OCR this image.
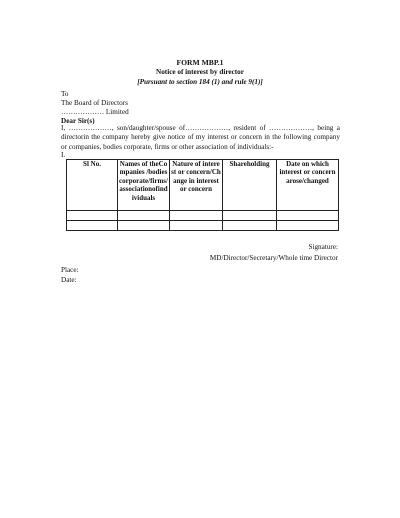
FORM MBP.1
Notice of interest by director
[Pursuant to section 184 (1) and rule 9(1)]
To
The Board of Directors
……………… Limited
Dear Sir(s)
I, ………………, son/daughter/spouse of………………, resident of ………………, being a directorin the company hereby give notice of my interest or concern in the following company or companies, bodies corporate, firms or other association of individuals:-
I.
Sl No.	Names of theCompanies /bodiescorporate/firms/associationofindividuals	Nature of interest or concern/Change in interest or concern	Shareholding	Date on which interest or concern arose/changed

Signature:
MD/Director/Secretary/Whole time Director
Place:
Date:
